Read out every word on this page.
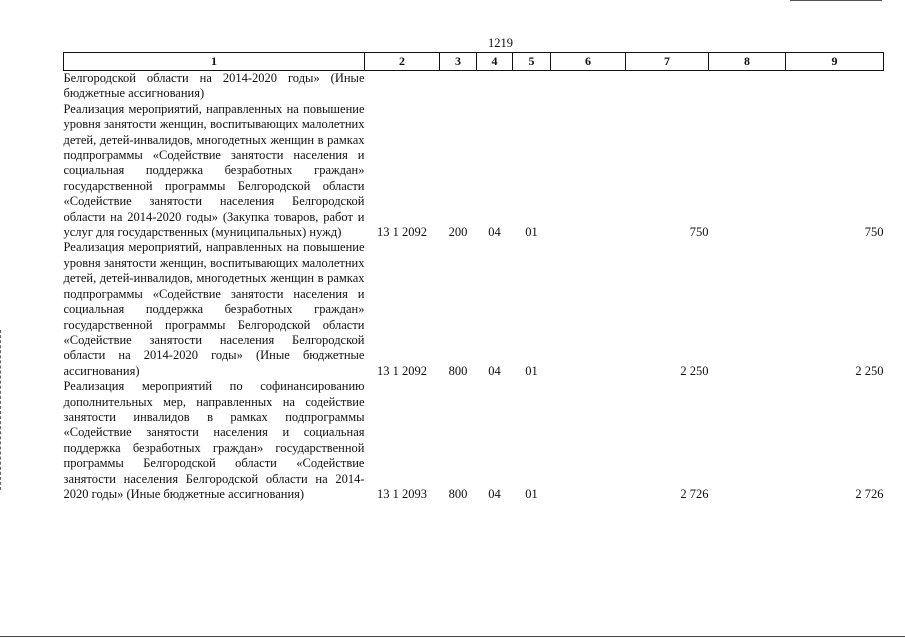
1219
1	2	3	4	5	6	7	8	9

Белгородской области на 2014-2020 годы» (Иные бюджетные ассигнования)								

Реализация мероприятий, направленных на повышение уровня занятости женщин, воспитывающих малолетних детей, детей-инвалидов, многодетных женщин в рамках подпрограммы «Содействие занятости населения и социальная поддержка безработных граждан» государственной программы Белгородской области «Содействие занятости населения Белгородской области на 2014-2020 годы» (Закупка товаров, работ и услуг для государственных (муниципальных) нужд)	13 1 2092	200	04	01		750		750

Реализация мероприятий, направленных на повышение уровня занятости женщин, воспитывающих малолетних детей, детей-инвалидов, многодетных женщин в рамках подпрограммы «Содействие занятости населения и социальная поддержка безработных граждан» государственной программы Белгородской области «Содействие занятости населения Белгородской области на 2014-2020 годы» (Иные бюджетные ассигнования)	13 1 2092	800	04	01		2 250		2 250

Реализация мероприятий по софинансированию дополнительных мер, направленных на содействие занятости инвалидов в рамках подпрограммы «Содействие занятости населения и социальная поддержка безработных граждан» государственной программы Белгородской области «Содействие занятости населения Белгородской области на 2014-2020 годы» (Иные бюджетные ассигнования)	13 1 2093	800	04	01		2 726		2 726
